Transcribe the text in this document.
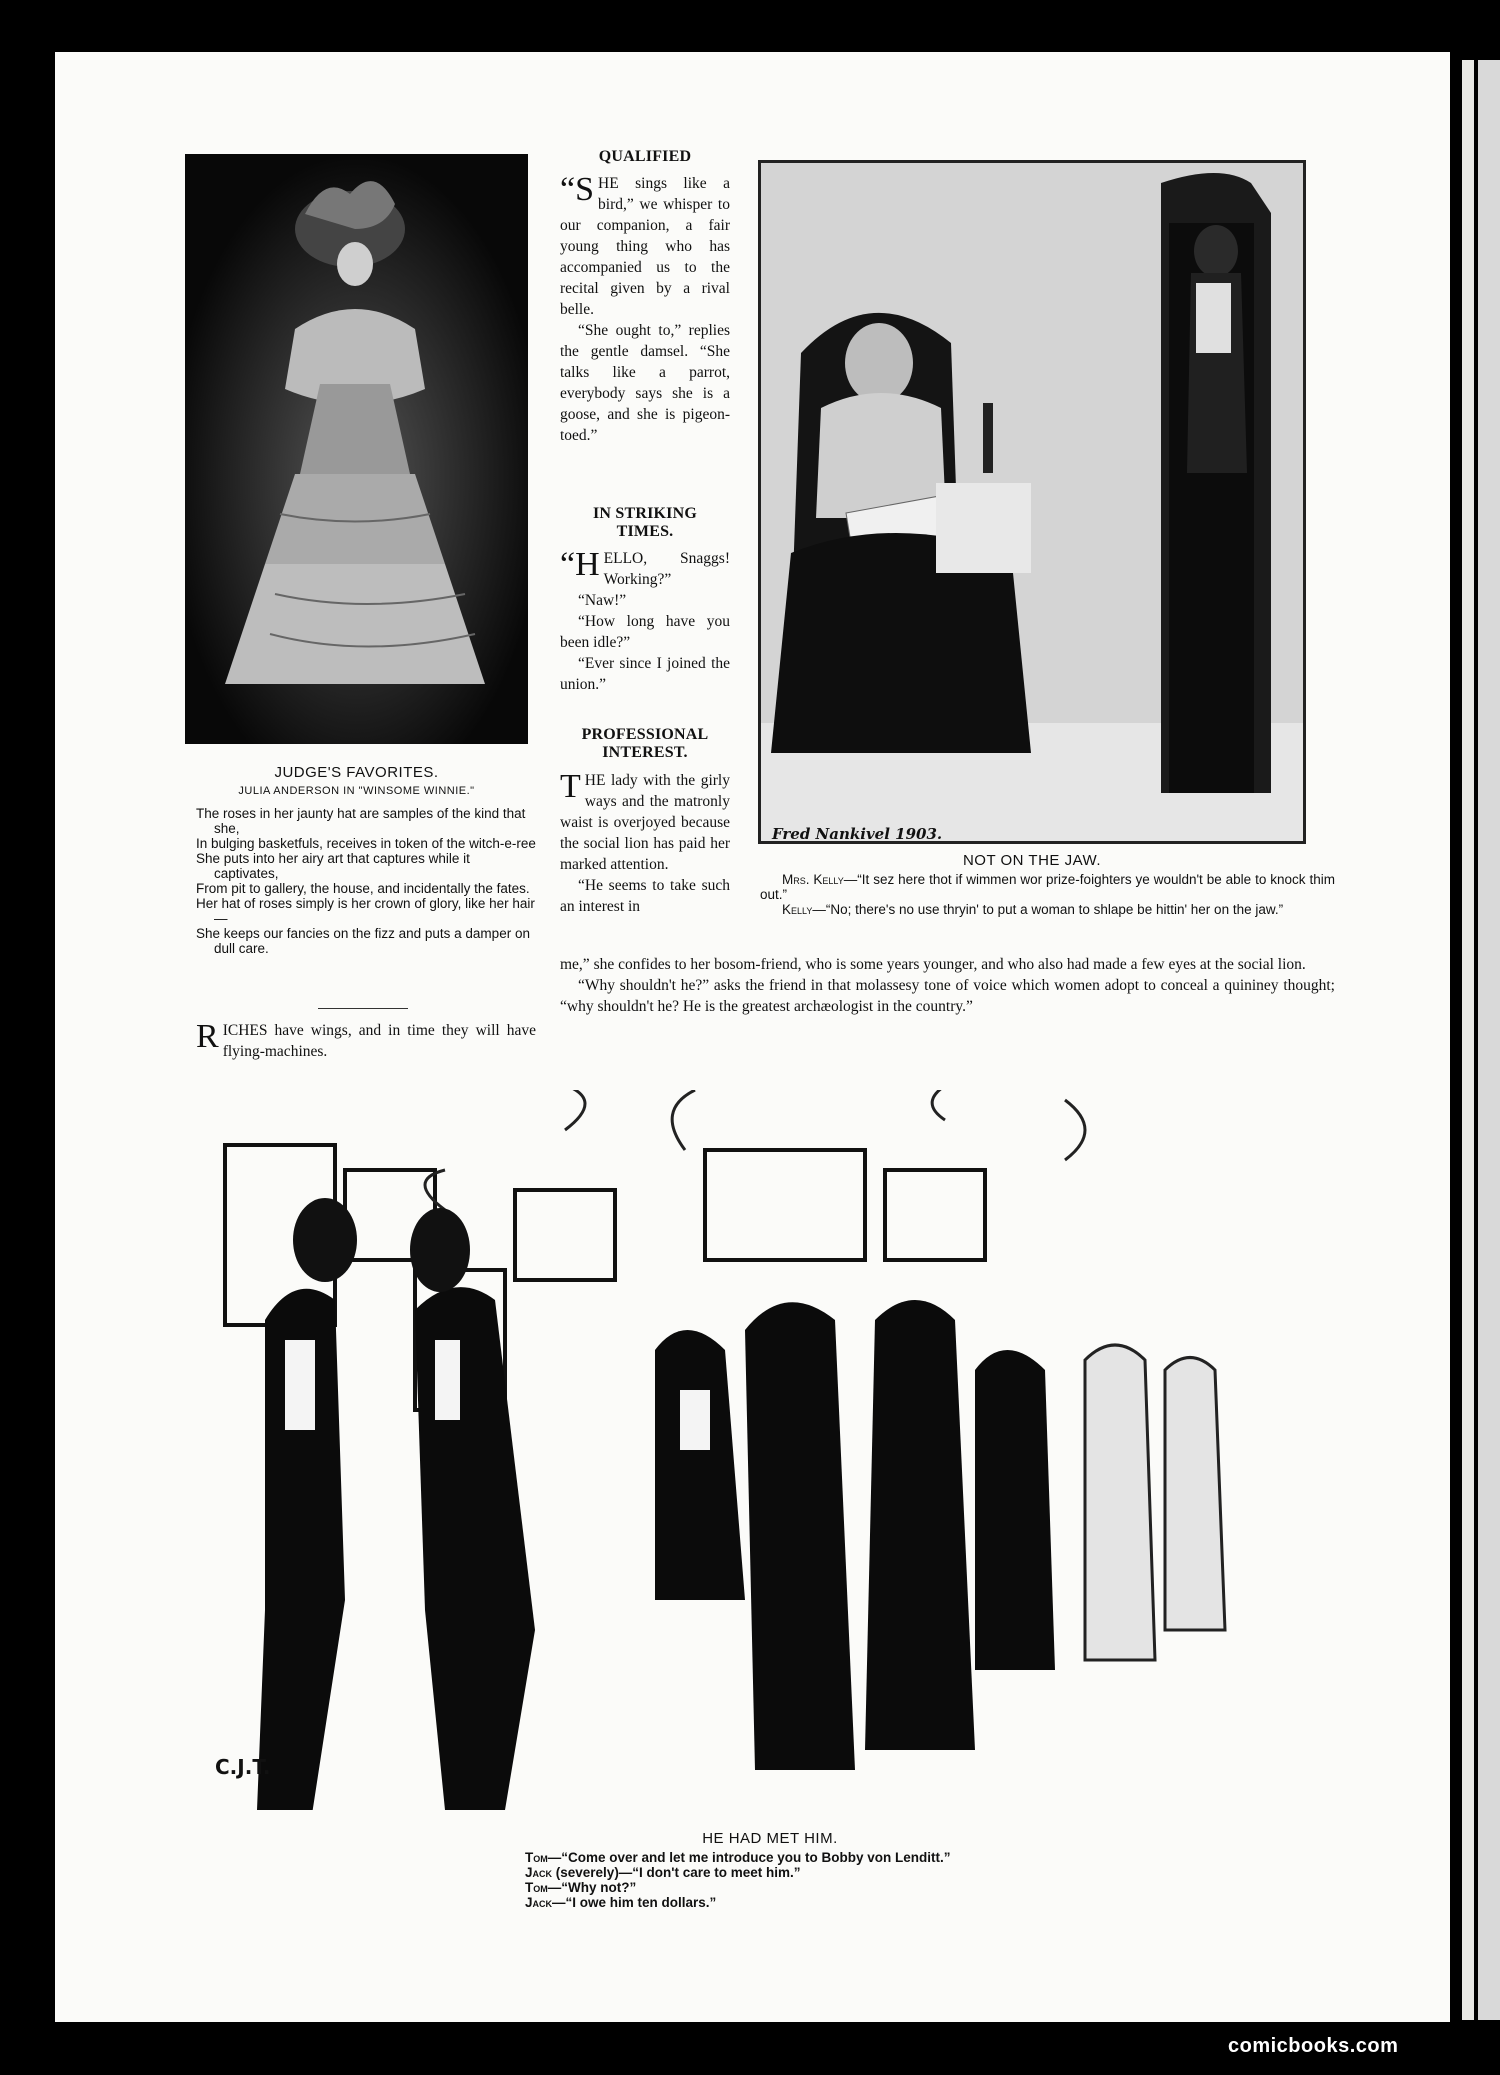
JUDGE'S FAVORITES.
JULIA ANDERSON IN "WINSOME WINNIE."
The roses in her jaunty hat are samples of the kind that she,
In bulging basketfuls, receives in token of the witch-e-ree
She puts into her airy art that captures while it captivates,
From pit to gallery, the house, and incidentally the fates.
Her hat of roses simply is her crown of glory, like her hair—
She keeps our fancies on the fizz and puts a damper on dull care.

RICHES have wings, and in time they will have flying-machines.

QUALIFIED

“S HE sings like a bird,” we whisper to our companion, a fair young thing who has accompanied us to the recital given by a rival belle.

“She ought to,” replies the gentle damsel. “She talks like a parrot, everybody says she is a goose, and she is pigeon-toed.”

IN STRIKING
TIMES.

“H ELLO, Snaggs! Working?”

“Naw!”

“How long have you been idle?”

“Ever since I joined the union.”

PROFESSIONAL
INTEREST.

THE lady with the girly ways and the matronly waist is overjoyed because the social lion has paid her marked attention.

“He seems to take such an interest in

me,” she confides to her bosom-friend, who is some years younger, and who also had made a few eyes at the social lion.

“Why shouldn't he?” asks the friend in that molassesy tone of voice which women adopt to conceal a quininey thought; “why shouldn't he? He is the greatest archæologist in the country.”

Fred Nankivel 1903.
NOT ON THE JAW.
Mrs. Kelly—“It sez here thot if wimmen wor prize-foighters ye wouldn't be able to knock thim out.”
Kelly—“No; there's no use thryin' to put a woman to shlape be hittin' her on the jaw.”
C.J.T.
HE HAD MET HIM.
Tom—“Come over and let me introduce you to Bobby von Lenditt.”
Jack (severely)—“I don't care to meet him.”
Tom—“Why not?”
Jack—“I owe him ten dollars.”
comicbooks.com
